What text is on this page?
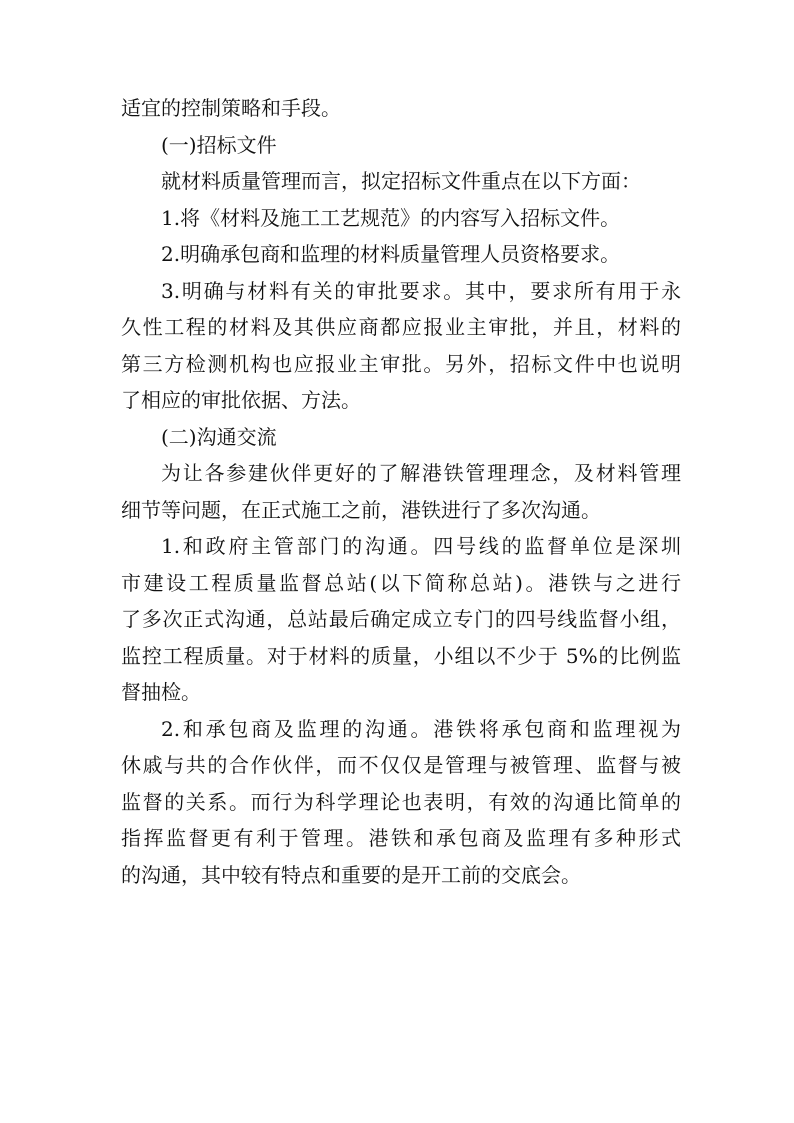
适宜的控制策略和手段。

(一)招标文件

就材料质量管理而言，拟定招标文件重点在以下方面：

1.将《材料及施工工艺规范》的内容写入招标文件。

2.明确承包商和监理的材料质量管理人员资格要求。

3.明确与材料有关的审批要求。其中，要求所有用于永

久性工程的材料及其供应商都应报业主审批，并且，材料的

第三方检测机构也应报业主审批。另外，招标文件中也说明

了相应的审批依据、方法。

(二)沟通交流

为让各参建伙伴更好的了解港铁管理理念，及材料管理

细节等问题，在正式施工之前，港铁进行了多次沟通。

1.和政府主管部门的沟通。四号线的监督单位是深圳

市建设工程质量监督总站(以下简称总站)。港铁与之进行

了多次正式沟通，总站最后确定成立专门的四号线监督小组，

监控工程质量。对于材料的质量，小组以不少于 5%的比例监

督抽检。

2.和承包商及监理的沟通。港铁将承包商和监理视为

休戚与共的合作伙伴，而不仅仅是管理与被管理、监督与被

监督的关系。而行为科学理论也表明，有效的沟通比简单的

指挥监督更有利于管理。港铁和承包商及监理有多种形式

的沟通，其中较有特点和重要的是开工前的交底会。
